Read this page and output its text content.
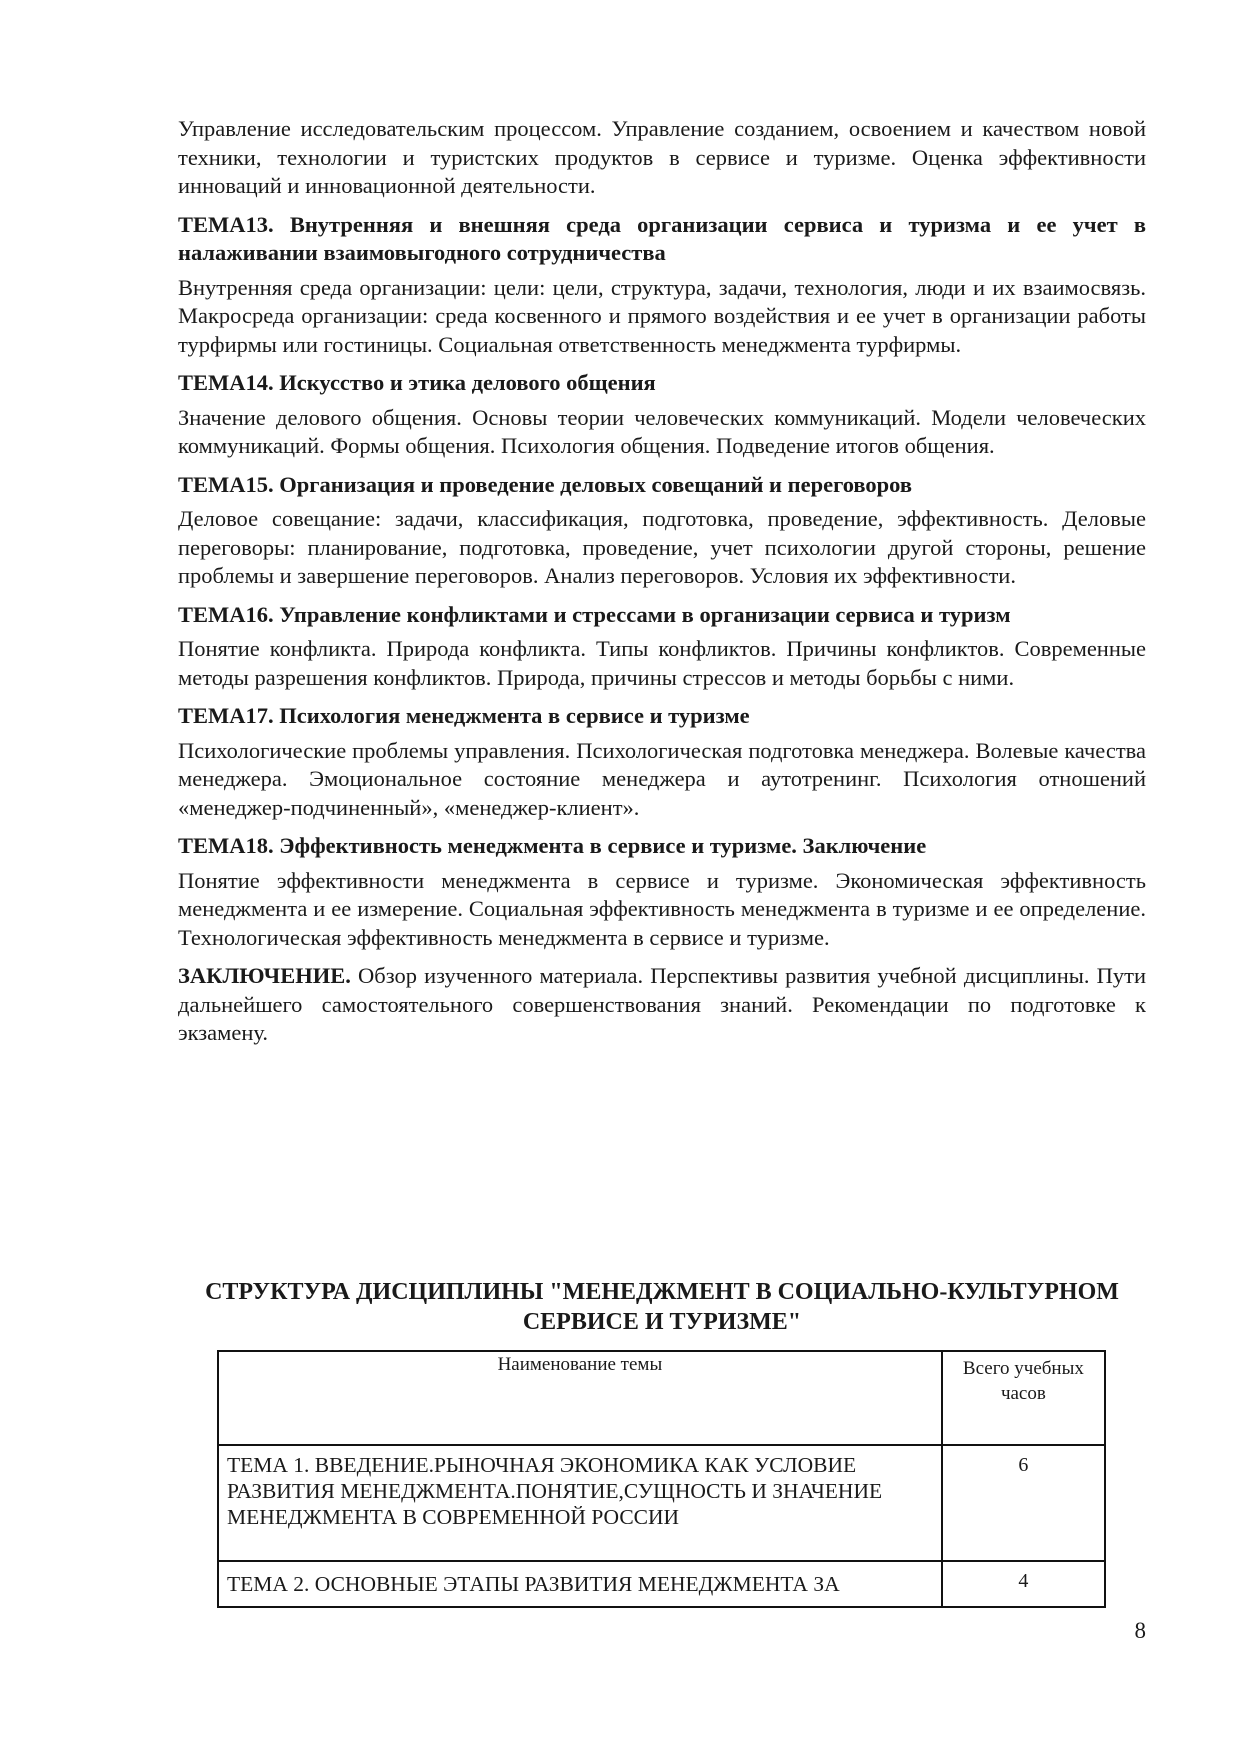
Управление исследовательским процессом. Управление созданием, освоением и качеством новой техники, технологии и туристских продуктов в сервисе и туризме. Оценка эффективности инноваций и инновационной деятельности.

ТЕМА13. Внутренняя и внешняя среда организации сервиса и туризма и ее учет в налаживании взаимовыгодного сотрудничества

Внутренняя среда организации: цели: цели, структура, задачи, технология, люди и их взаимосвязь. Макросреда организации: среда косвенного и прямого воздействия и ее учет в организации работы турфирмы или гостиницы. Социальная ответственность менеджмента турфирмы.

ТЕМА14. Искусство и этика делового общения

Значение делового общения. Основы теории человеческих коммуникаций. Модели человеческих коммуникаций. Формы общения. Психология общения. Подведение итогов общения.

ТЕМА15. Организация и проведение деловых совещаний и переговоров

Деловое совещание: задачи, классификация, подготовка, проведение, эффективность. Деловые переговоры: планирование, подготовка, проведение, учет психологии другой стороны, решение проблемы и завершение переговоров. Анализ переговоров. Условия их эффективности.

ТЕМА16. Управление конфликтами и стрессами в организации сервиса и туризм

Понятие конфликта. Природа конфликта. Типы конфликтов. Причины конфликтов. Современные методы разрешения конфликтов. Природа, причины стрессов и методы борьбы с ними.

ТЕМА17. Психология менеджмента в сервисе и туризме

Психологические проблемы управления. Психологическая подготовка менеджера. Волевые качества менеджера. Эмоциональное состояние менеджера и аутотренинг. Психология отношений «менеджер-подчиненный», «менеджер-клиент».

ТЕМА18. Эффективность менеджмента в сервисе и туризме. Заключение

Понятие эффективности менеджмента в сервисе и туризме. Экономическая эффективность менеджмента и ее измерение. Социальная эффективность менеджмента в туризме и ее определение. Технологическая эффективность менеджмента в сервисе и туризме.

ЗАКЛЮЧЕНИЕ. Обзор изученного материала. Перспективы развития учебной дисциплины. Пути дальнейшего самостоятельного совершенствования знаний. Рекомендации по подготовке к экзамену.

СТРУКТУРА ДИСЦИПЛИНЫ "МЕНЕДЖМЕНТ В СОЦИАЛЬНО-КУЛЬТУРНОМ СЕРВИСЕ И ТУРИЗМЕ"

Наименование темы	Всего учебных часов
ТЕМА 1. ВВЕДЕНИЕ.РЫНОЧНАЯ ЭКОНОМИКА КАК УСЛОВИЕ РАЗВИТИЯ МЕНЕДЖМЕНТА.ПОНЯТИЕ,СУЩНОСТЬ И ЗНАЧЕНИЕ МЕНЕДЖМЕНТА В СОВРЕМЕННОЙ РОССИИ	6
ТЕМА 2. ОСНОВНЫЕ ЭТАПЫ РАЗВИТИЯ МЕНЕДЖМЕНТА ЗА	4

8
